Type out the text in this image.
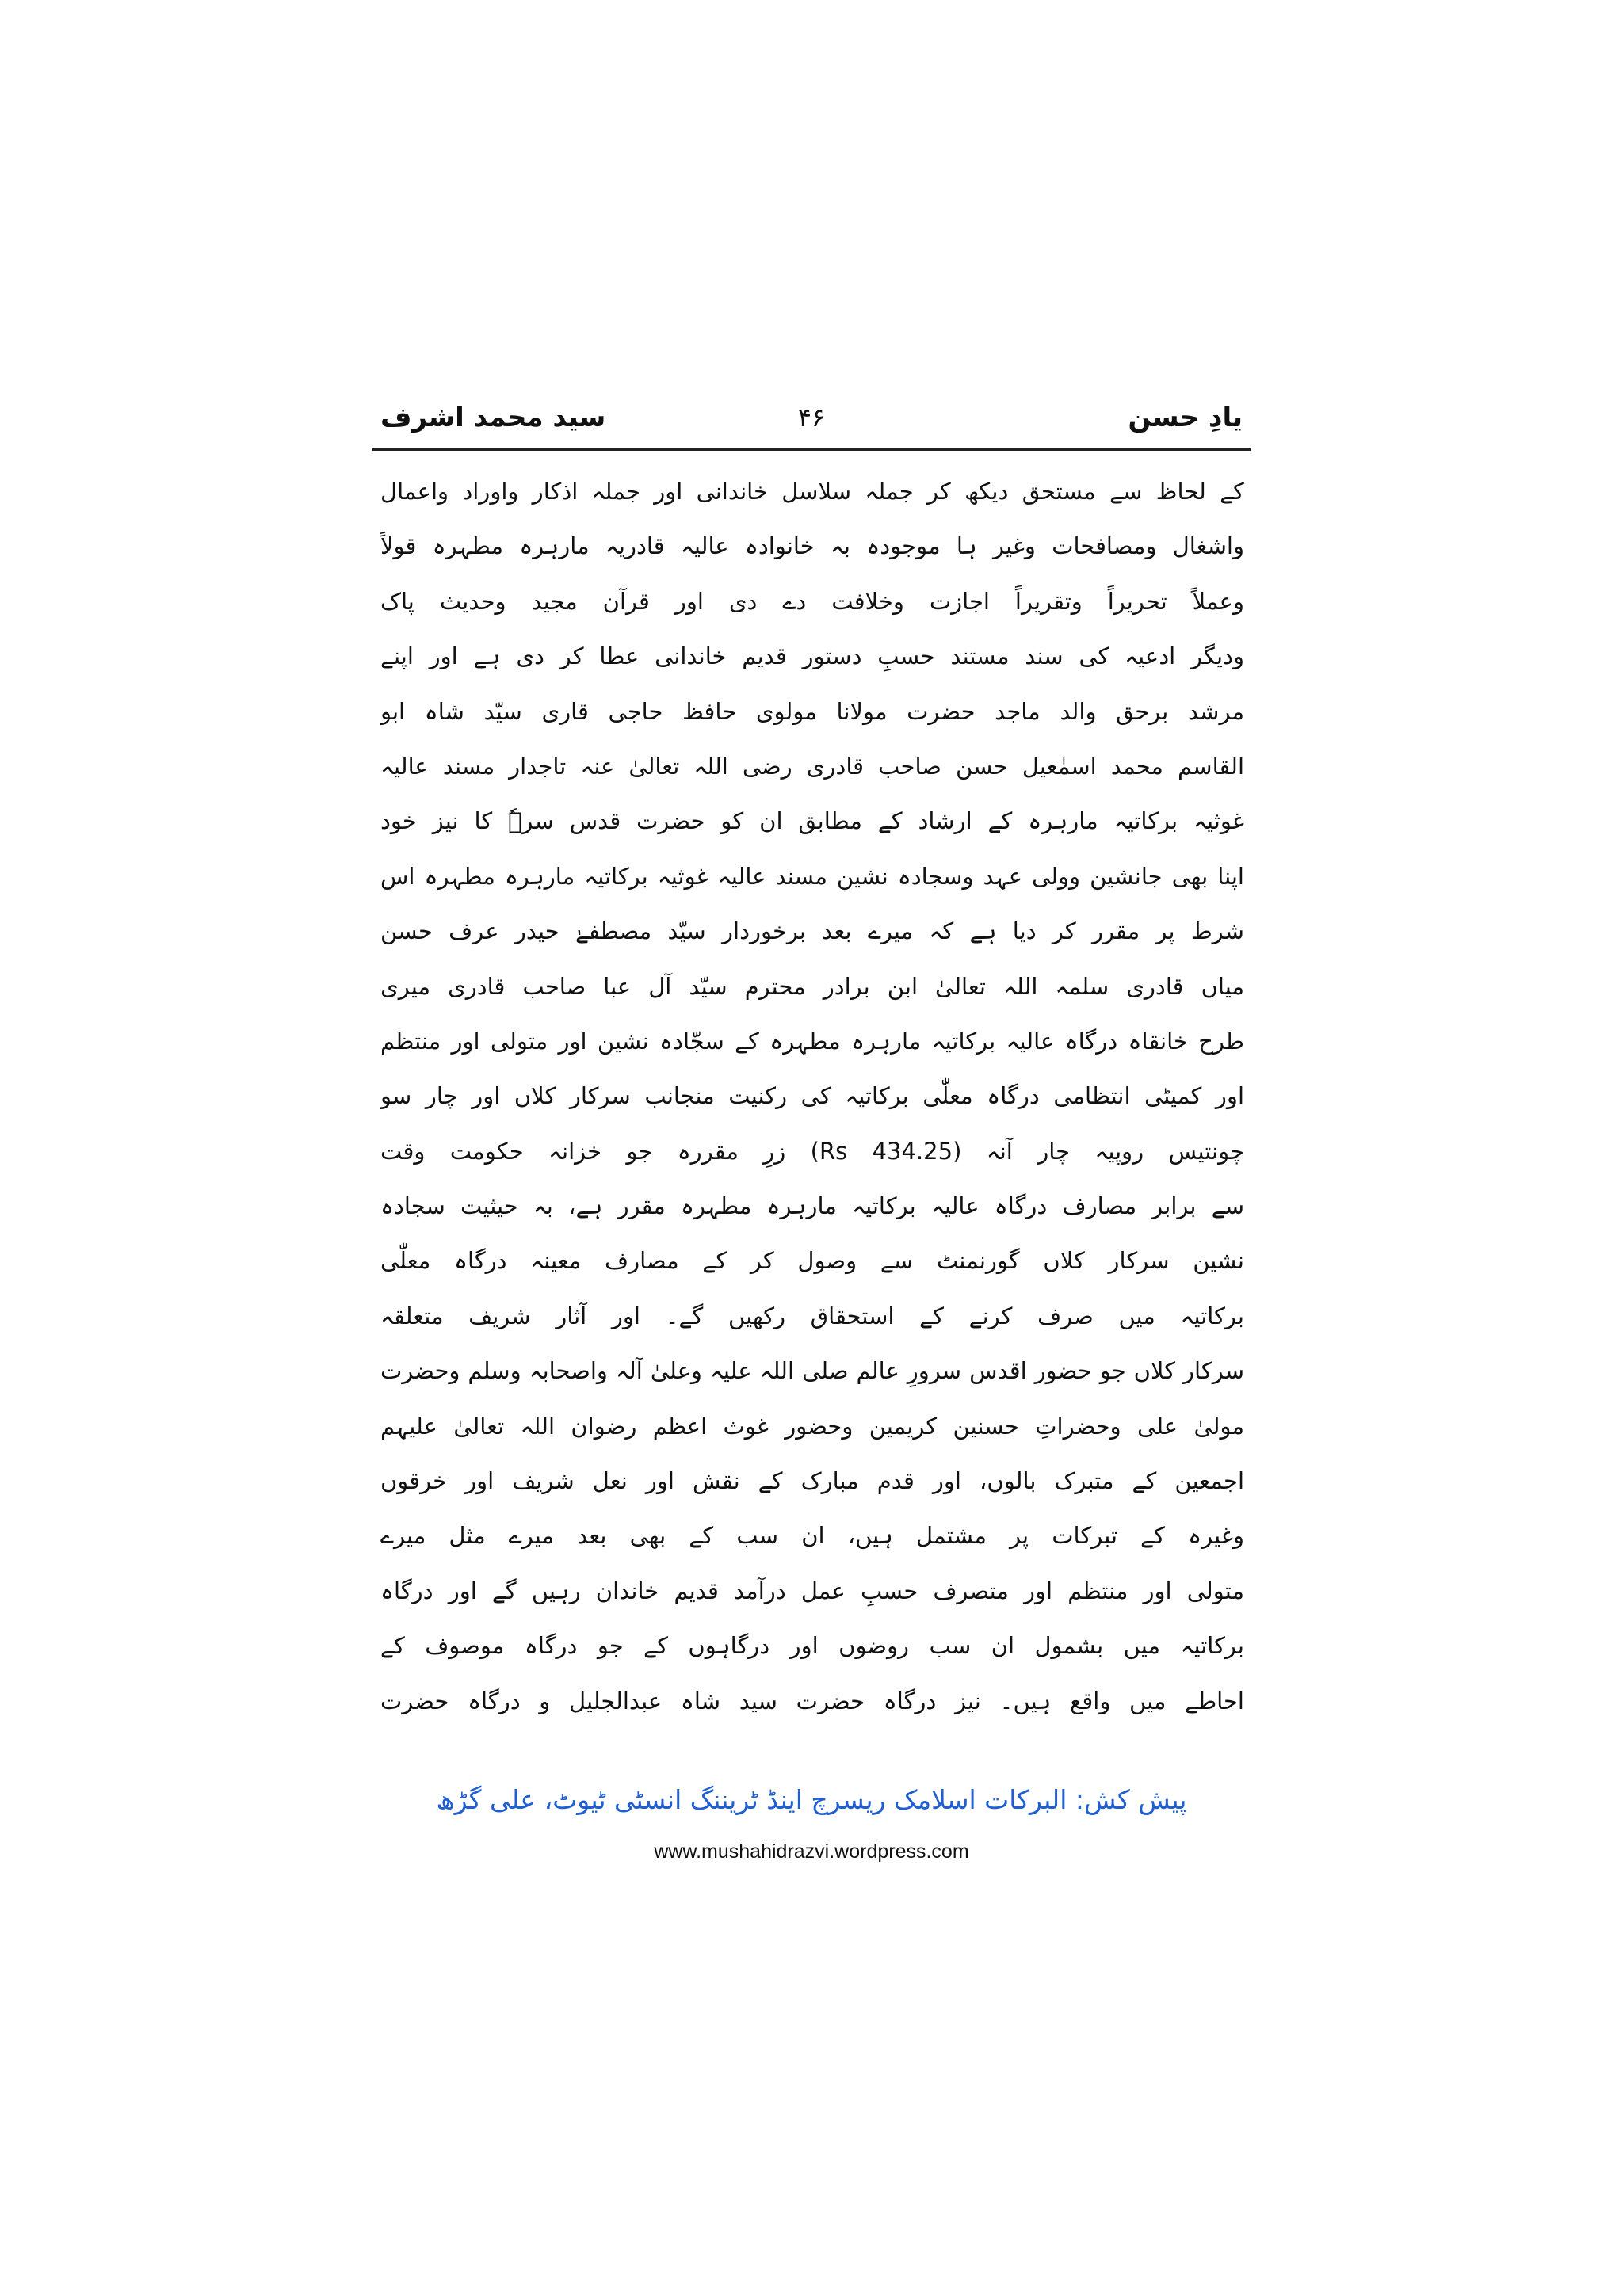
سید محمد اشرف	۴۶	یادِ حسن
کے لحاظ سے مستحق دیکھ کر جملہ سلاسل خاندانی اور جملہ اذکار واوراد واعمال
واشغال ومصافحات وغیر ہا موجودہ بہ خانوادہ عالیہ قادریہ مارہرہ مطہرہ قولاً
وعملاً تحریراً وتقریراً اجازت وخلافت دے دی اور قرآن مجید وحدیث پاک
ودیگر ادعیہ کی سند مستند حسبِ دستور قدیم خاندانی عطا کر دی ہے اور اپنے
مرشد برحق والد ماجد حضرت مولانا مولوی حافظ حاجی قاری سیّد شاہ ابو
القاسم محمد اسمٰعیل حسن صاحب قادری رضی اللہ تعالیٰ عنہ تاجدار مسند عالیہ
غوثیہ برکاتیہ مارہرہ کے ارشاد کے مطابق ان کو حضرت قدس سرہٗ کا نیز خود
اپنا بھی جانشین وولی عہد وسجادہ نشین مسند عالیہ غوثیہ برکاتیہ مارہرہ مطہرہ اس
شرط پر مقرر کر دیا ہے کہ میرے بعد برخوردار سیّد مصطفےٰ حیدر عرف حسن
میاں قادری سلمہ اللہ تعالیٰ ابن برادر محترم سیّد آل عبا صاحب قادری میری
طرح خانقاہ درگاہ عالیہ برکاتیہ مارہرہ مطہرہ کے سجّادہ نشین اور متولی اور منتظم
اور کمیٹی انتظامی درگاہ معلّٰی برکاتیہ کی رکنیت منجانب سرکار کلاں اور چار سو
چونتیس روپیہ چار آنہ (Rs 434.25) زرِ مقررہ جو خزانہ حکومت وقت
سے برابر مصارف درگاہ عالیہ برکاتیہ مارہرہ مطہرہ مقرر ہے، بہ حیثیت سجادہ
نشین سرکار کلاں گورنمنٹ سے وصول کر کے مصارف معینہ درگاہ معلّٰی
برکاتیہ میں صرف کرنے کے استحقاق رکھیں گے۔ اور آثار شریف متعلقہ
سرکار کلاں جو حضور اقدس سرورِ عالم صلی اللہ علیہ وعلیٰ آلہ واصحابہ وسلم وحضرت
مولیٰ علی وحضراتِ حسنین کریمین وحضور غوث اعظم رضوان اللہ تعالیٰ علیہم
اجمعین کے متبرک بالوں، اور قدم مبارک کے نقش اور نعل شریف اور خرقوں
وغیرہ کے تبرکات پر مشتمل ہیں، ان سب کے بھی بعد میرے مثل میرے
متولی اور منتظم اور متصرف حسبِ عمل درآمد قدیم خاندان رہیں گے اور درگاہ
برکاتیہ میں بشمول ان سب روضوں اور درگاہوں کے جو درگاہ موصوف کے
احاطے میں واقع ہیں۔ نیز درگاہ حضرت سید شاہ عبدالجلیل و درگاہ حضرت
پیش کش: البرکات اسلامک ریسرچ اینڈ ٹریننگ انسٹی ٹیوٹ، علی گڑھ
www.mushahidrazvi.wordpress.com
